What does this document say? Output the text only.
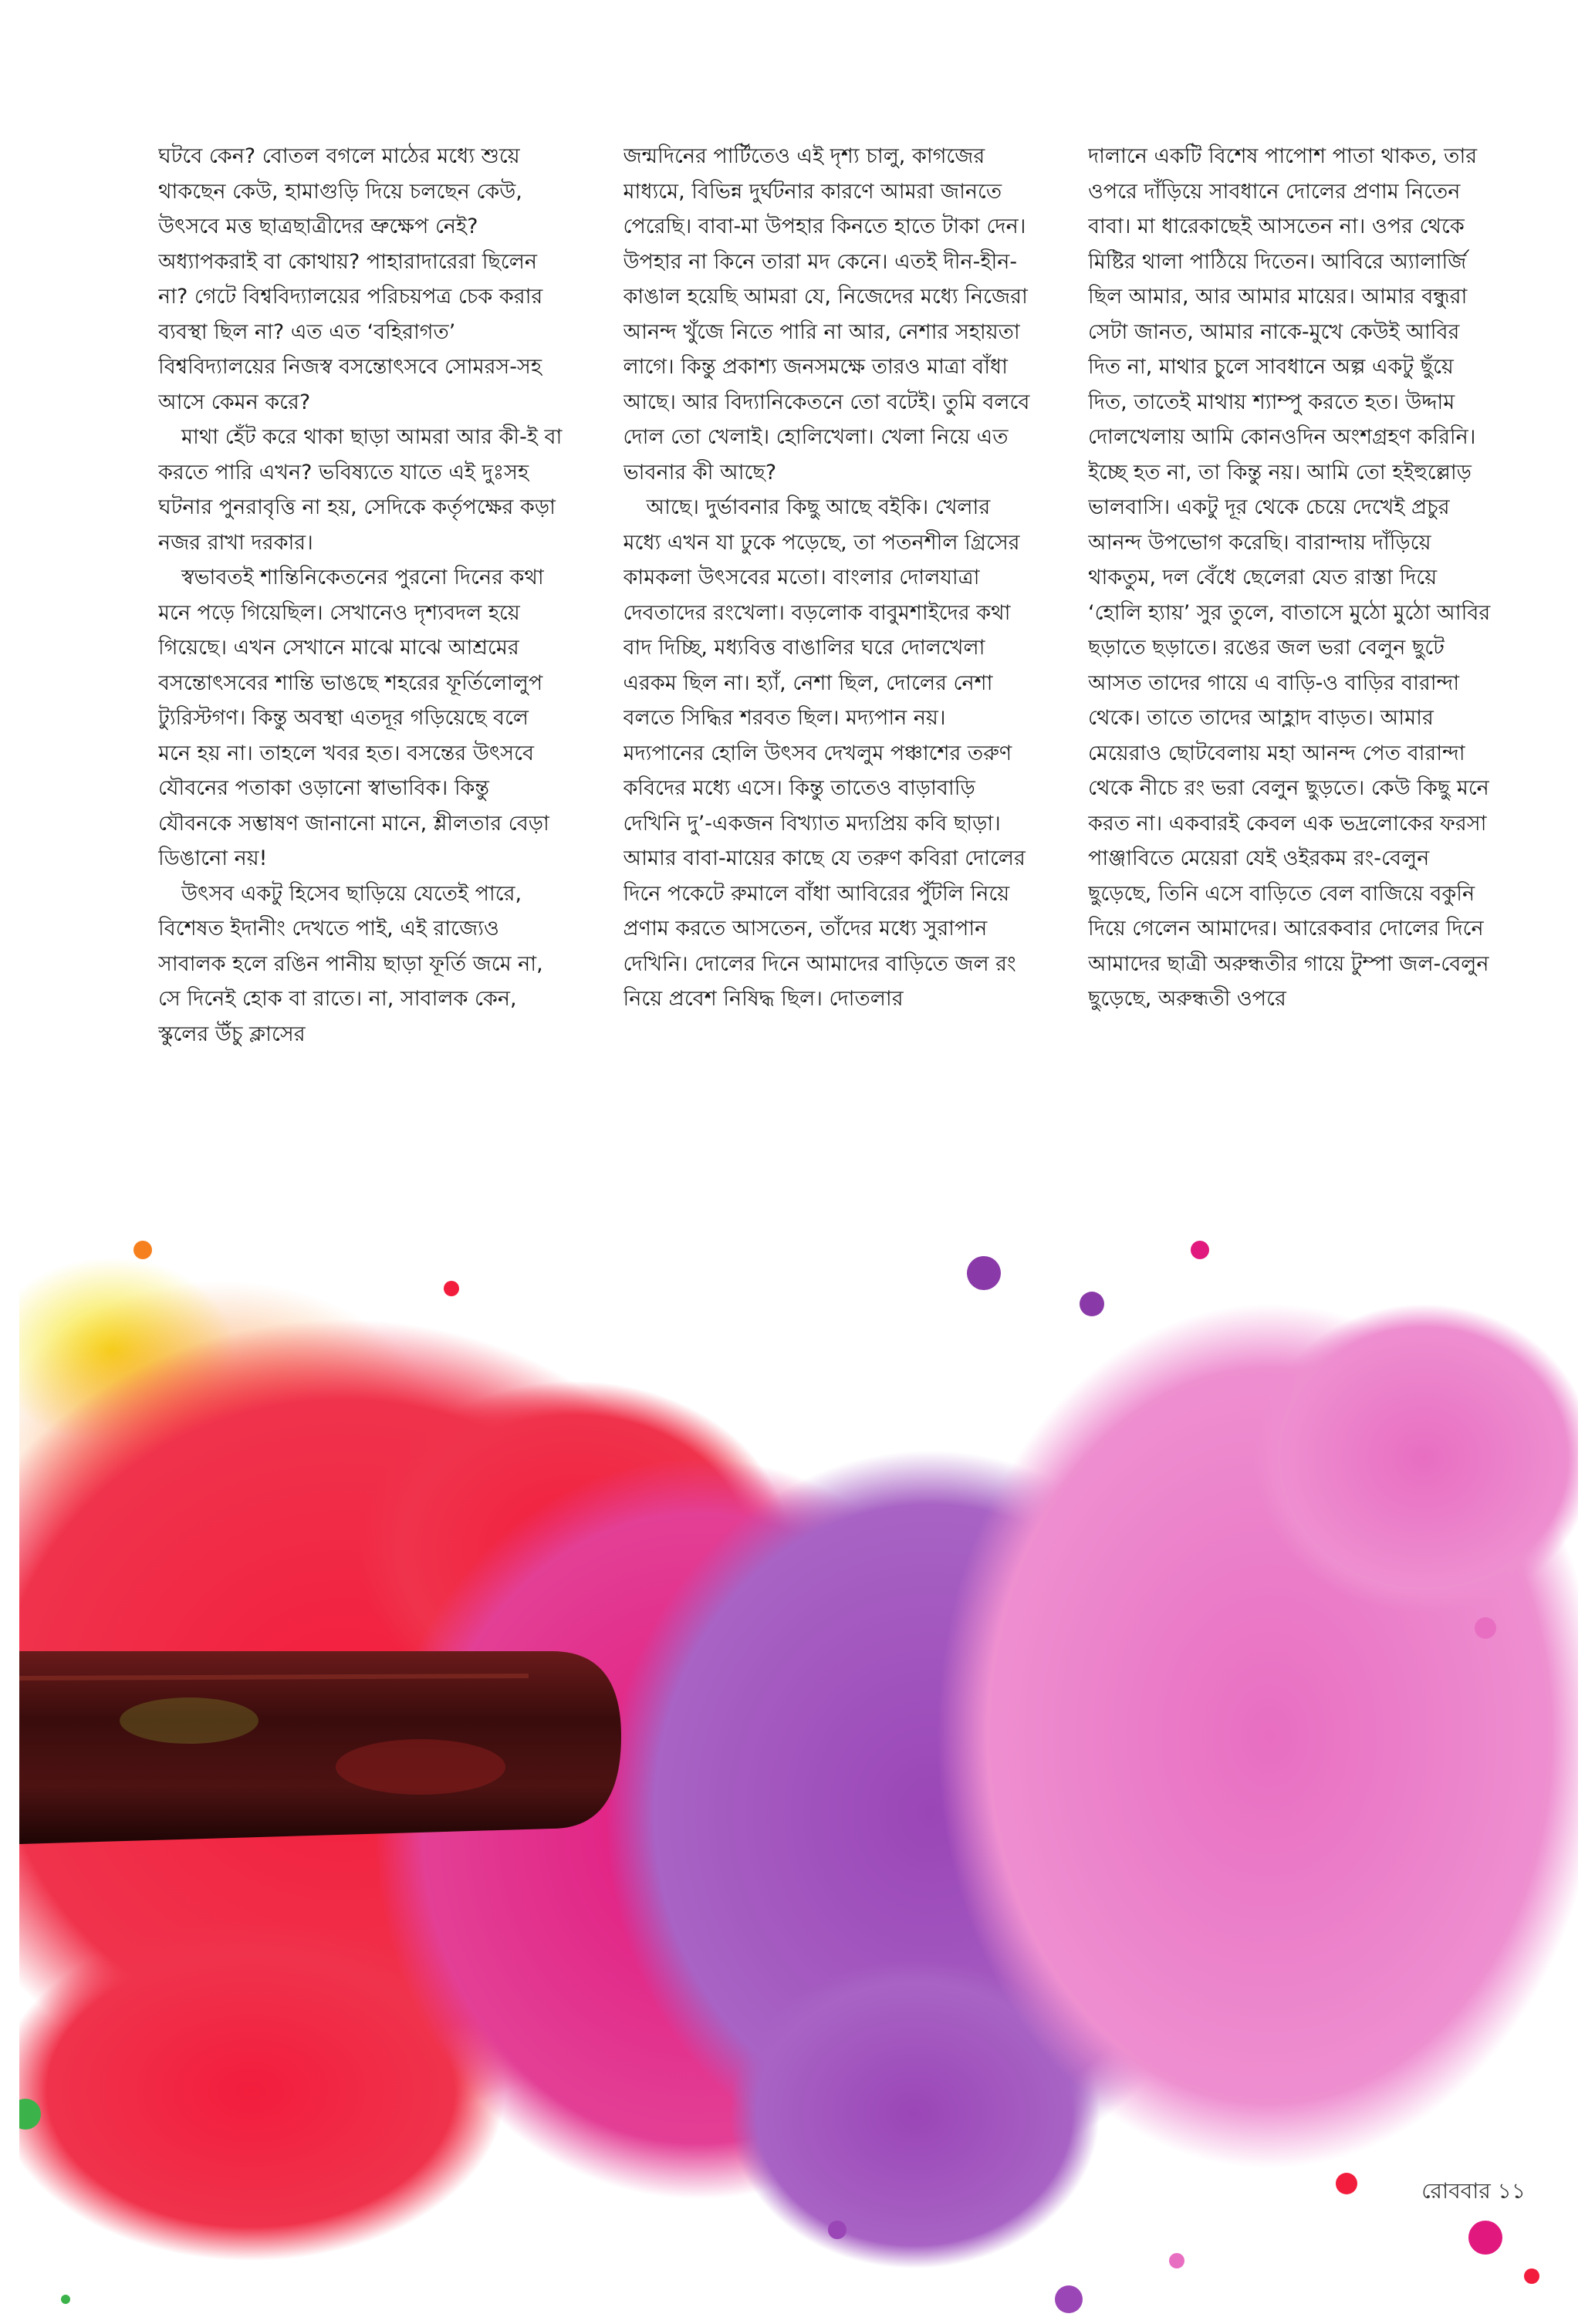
ঘটবে কেন? বোতল বগলে মাঠের মধ্যে শুয়ে থাকছেন কেউ, হামাগুড়ি দিয়ে চলছেন কেউ, উৎসবে মত্ত ছাত্রছাত্রীদের ভ্রুক্ষেপ নেই? অধ্যাপকরাই বা কোথায়? পাহারাদারেরা ছিলেন না? গেটে বিশ্ববিদ্যালয়ের পরিচয়পত্র চেক করার ব্যবস্থা ছিল না? এত এত ‘বহিরাগত’ বিশ্ববিদ্যালয়ের নিজস্ব বসন্তোৎসবে সোমরস-সহ আসে কেমন করে?

মাথা হেঁট করে থাকা ছাড়া আমরা আর কী-ই বা করতে পারি এখন? ভবিষ্যতে যাতে এই দুঃসহ ঘটনার পুনরাবৃত্তি না হয়, সেদিকে কর্তৃপক্ষের কড়া নজর রাখা দরকার।

স্বভাবতই শান্তিনিকেতনের পুরনো দিনের কথা মনে পড়ে গিয়েছিল। সেখানেও দৃশ্যবদল হয়ে গিয়েছে। এখন সেখানে মাঝে মাঝে আশ্রমের বসন্তোৎসবের শান্তি ভাঙছে শহরের ফূর্তিলোলুপ ট্যুরিস্টগণ। কিন্তু অবস্থা এতদূর গড়িয়েছে বলে মনে হয় না। তাহলে খবর হত। বসন্তের উৎসবে যৌবনের পতাকা ওড়ানো স্বাভাবিক। কিন্তু যৌবনকে সম্ভাষণ জানানো মানে, শ্লীলতার বেড়া ডিঙানো নয়!

উৎসব একটু হিসেব ছাড়িয়ে যেতেই পারে, বিশেষত ইদানীং দেখতে পাই, এই রাজ্যেও সাবালক হলে রঙিন পানীয় ছাড়া ফূর্তি জমে না, সে দিনেই হোক বা রাতে। না, সাবালক কেন, স্কুলের উঁচু ক্লাসের

জন্মদিনের পার্টিতেও এই দৃশ্য চালু, কাগজের মাধ্যমে, বিভিন্ন দুর্ঘটনার কারণে আমরা জানতে পেরেছি। বাবা-মা উপহার কিনতে হাতে টাকা দেন। উপহার না কিনে তারা মদ কেনে। এতই দীন-হীন-কাঙাল হয়েছি আমরা যে, নিজেদের মধ্যে নিজেরা আনন্দ খুঁজে নিতে পারি না আর, নেশার সহায়তা লাগে। কিন্তু প্রকাশ্য জনসমক্ষে তারও মাত্রা বাঁধা আছে। আর বিদ্যানিকেতনে তো বটেই। তুমি বলবে দোল তো খেলাই। হোলিখেলা। খেলা নিয়ে এত ভাবনার কী আছে?

আছে। দুর্ভাবনার কিছু আছে বইকি। খেলার মধ্যে এখন যা ঢুকে পড়েছে, তা পতনশীল গ্রিসের কামকলা উৎসবের মতো। বাংলার দোলযাত্রা দেবতাদের রংখেলা। বড়লোক বাবুমশাইদের কথা বাদ দিচ্ছি, মধ্যবিত্ত বাঙালির ঘরে দোলখেলা এরকম ছিল না। হ্যাঁ, নেশা ছিল, দোলের নেশা বলতে সিদ্ধির শরবত ছিল। মদ্যপান নয়। মদ্যপানের হোলি উৎসব দেখলুম পঞ্চাশের তরুণ কবিদের মধ্যে এসে। কিন্তু তাতেও বাড়াবাড়ি দেখিনি দু’-একজন বিখ্যাত মদ্যপ্রিয় কবি ছাড়া। আমার বাবা-মায়ের কাছে যে তরুণ কবিরা দোলের দিনে পকেটে রুমালে বাঁধা আবিরের পুঁটলি নিয়ে প্রণাম করতে আসতেন, তাঁদের মধ্যে সুরাপান দেখিনি। দোলের দিনে আমাদের বাড়িতে জল রং নিয়ে প্রবেশ নিষিদ্ধ ছিল। দোতলার

দালানে একটি বিশেষ পাপোশ পাতা থাকত, তার ওপরে দাঁড়িয়ে সাবধানে দোলের প্রণাম নিতেন বাবা। মা ধারেকাছেই আসতেন না। ওপর থেকে মিষ্টির থালা পাঠিয়ে দিতেন। আবিরে অ্যালার্জি ছিল আমার, আর আমার মায়ের। আমার বন্ধুরা সেটা জানত, আমার নাকে-মুখে কেউই আবির দিত না, মাথার চুলে সাবধানে অল্প একটু ছুঁয়ে দিত, তাতেই মাথায় শ্যাম্পু করতে হত। উদ্দাম দোলখেলায় আমি কোনওদিন অংশগ্রহণ করিনি। ইচ্ছে হত না, তা কিন্তু নয়। আমি তো হইহুল্লোড় ভালবাসি। একটু দূর থেকে চেয়ে দেখেই প্রচুর আনন্দ উপভোগ করেছি। বারান্দায় দাঁড়িয়ে থাকতুম, দল বেঁধে ছেলেরা যেত রাস্তা দিয়ে ‘হোলি হ্যায়’ সুর তুলে, বাতাসে মুঠো মুঠো আবির ছড়াতে ছড়াতে। রঙের জল ভরা বেলুন ছুটে আসত তাদের গায়ে এ বাড়ি-ও বাড়ির বারান্দা থেকে। তাতে তাদের আহ্লাদ বাড়ত। আমার মেয়েরাও ছোটবেলায় মহা আনন্দ পেত বারান্দা থেকে নীচে রং ভরা বেলুন ছুড়তে। কেউ কিছু মনে করত না। একবারই কেবল এক ভদ্রলোকের ফরসা পাঞ্জাবিতে মেয়েরা যেই ওইরকম রং-বেলুন ছুড়েছে, তিনি এসে বাড়িতে বেল বাজিয়ে বকুনি দিয়ে গেলেন আমাদের। আরেকবার দোলের দিনে আমাদের ছাত্রী অরুন্ধতীর গায়ে টুম্পা জল-বেলুন ছুড়েছে, অরুন্ধতী ওপরে

রোববার ১১
